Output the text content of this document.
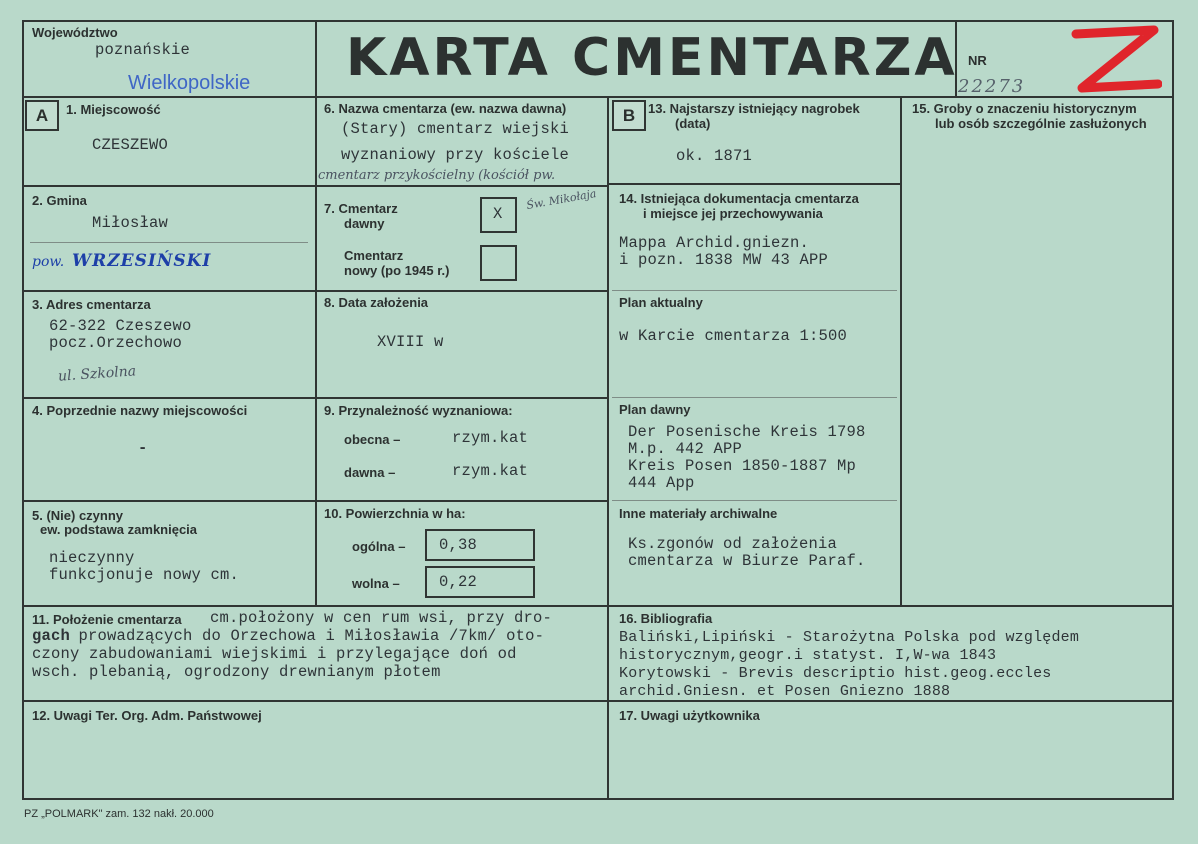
Województwo
poznańskie
Wielkopolskie KARTA CMENTARZA NR
22273
A	1. Miejscowość
CZESZEWO
2. Gmina
Miłosław
pow. WRZESIŃSKI
3. Adres cmentarza
62-322 Czeszewo
pocz.Orzechowo
ul. Szkolna
4. Poprzednie nazwy miejscowości
-
5. (Nie) czynny
ew. podstawa zamknięcia
nieczynny
funkcjonuje nowy cm.
6. Nazwa cmentarza (ew. nazwa dawna)
(Stary) cmentarz wiejski
wyznaniowy przy kościele
cmentarz przykościelny (kościół pw.
Św. Mikołaja
7. Cmentarz
dawny
X
Cmentarz
nowy (po 1945 r.)
8. Data założenia
XVIII w
9. Przynależność wyznaniowa:
obecna –	rzym.kat
dawna –	rzym.kat
10. Powierzchnia w ha:
ogólna – 0,38
wolna –	0,22
B 13. Najstarszy istniejący nagrobek
(data)
ok. 1871
14. Istniejąca dokumentacja cmentarza
i miejsce jej przechowywania
Mappa Archid.gniezn.
i pozn. 1838 MW 43 APP
Plan aktualny
w Karcie cmentarza 1:500
Plan dawny
Der Posenische Kreis 1798
M.p. 442 APP
Kreis Posen 1850-1887 Mp
444 App
Inne materiały archiwalne
Ks.zgonów od założenia
cmentarza w Biurze Paraf.
15. Groby o znaczeniu historycznym
lub osób szczególnie zasłużonych
11. Położenie cmentarza cm.położony w cen rum wsi, przy dro-
gach
prowadzących do Orzechowa i Miłosławia /7km/ oto-
czony zabudowaniami wiejskimi i przylegające doń od
wsch. plebanią, ogrodzony drewnianym płotem
16. Bibliografia
Baliński,Lipiński - Starożytna Polska pod względem
historycznym,geogr.i statyst. I,W-wa 1843
Korytowski - Brevis descriptio hist.geog.eccles
archid.Gniesn. et Posen Gniezno 1888
12. Uwagi Ter. Org. Adm. Państwowej	17. Uwagi użytkownika
PZ „POLMARK" zam. 132 nakł. 20.000
